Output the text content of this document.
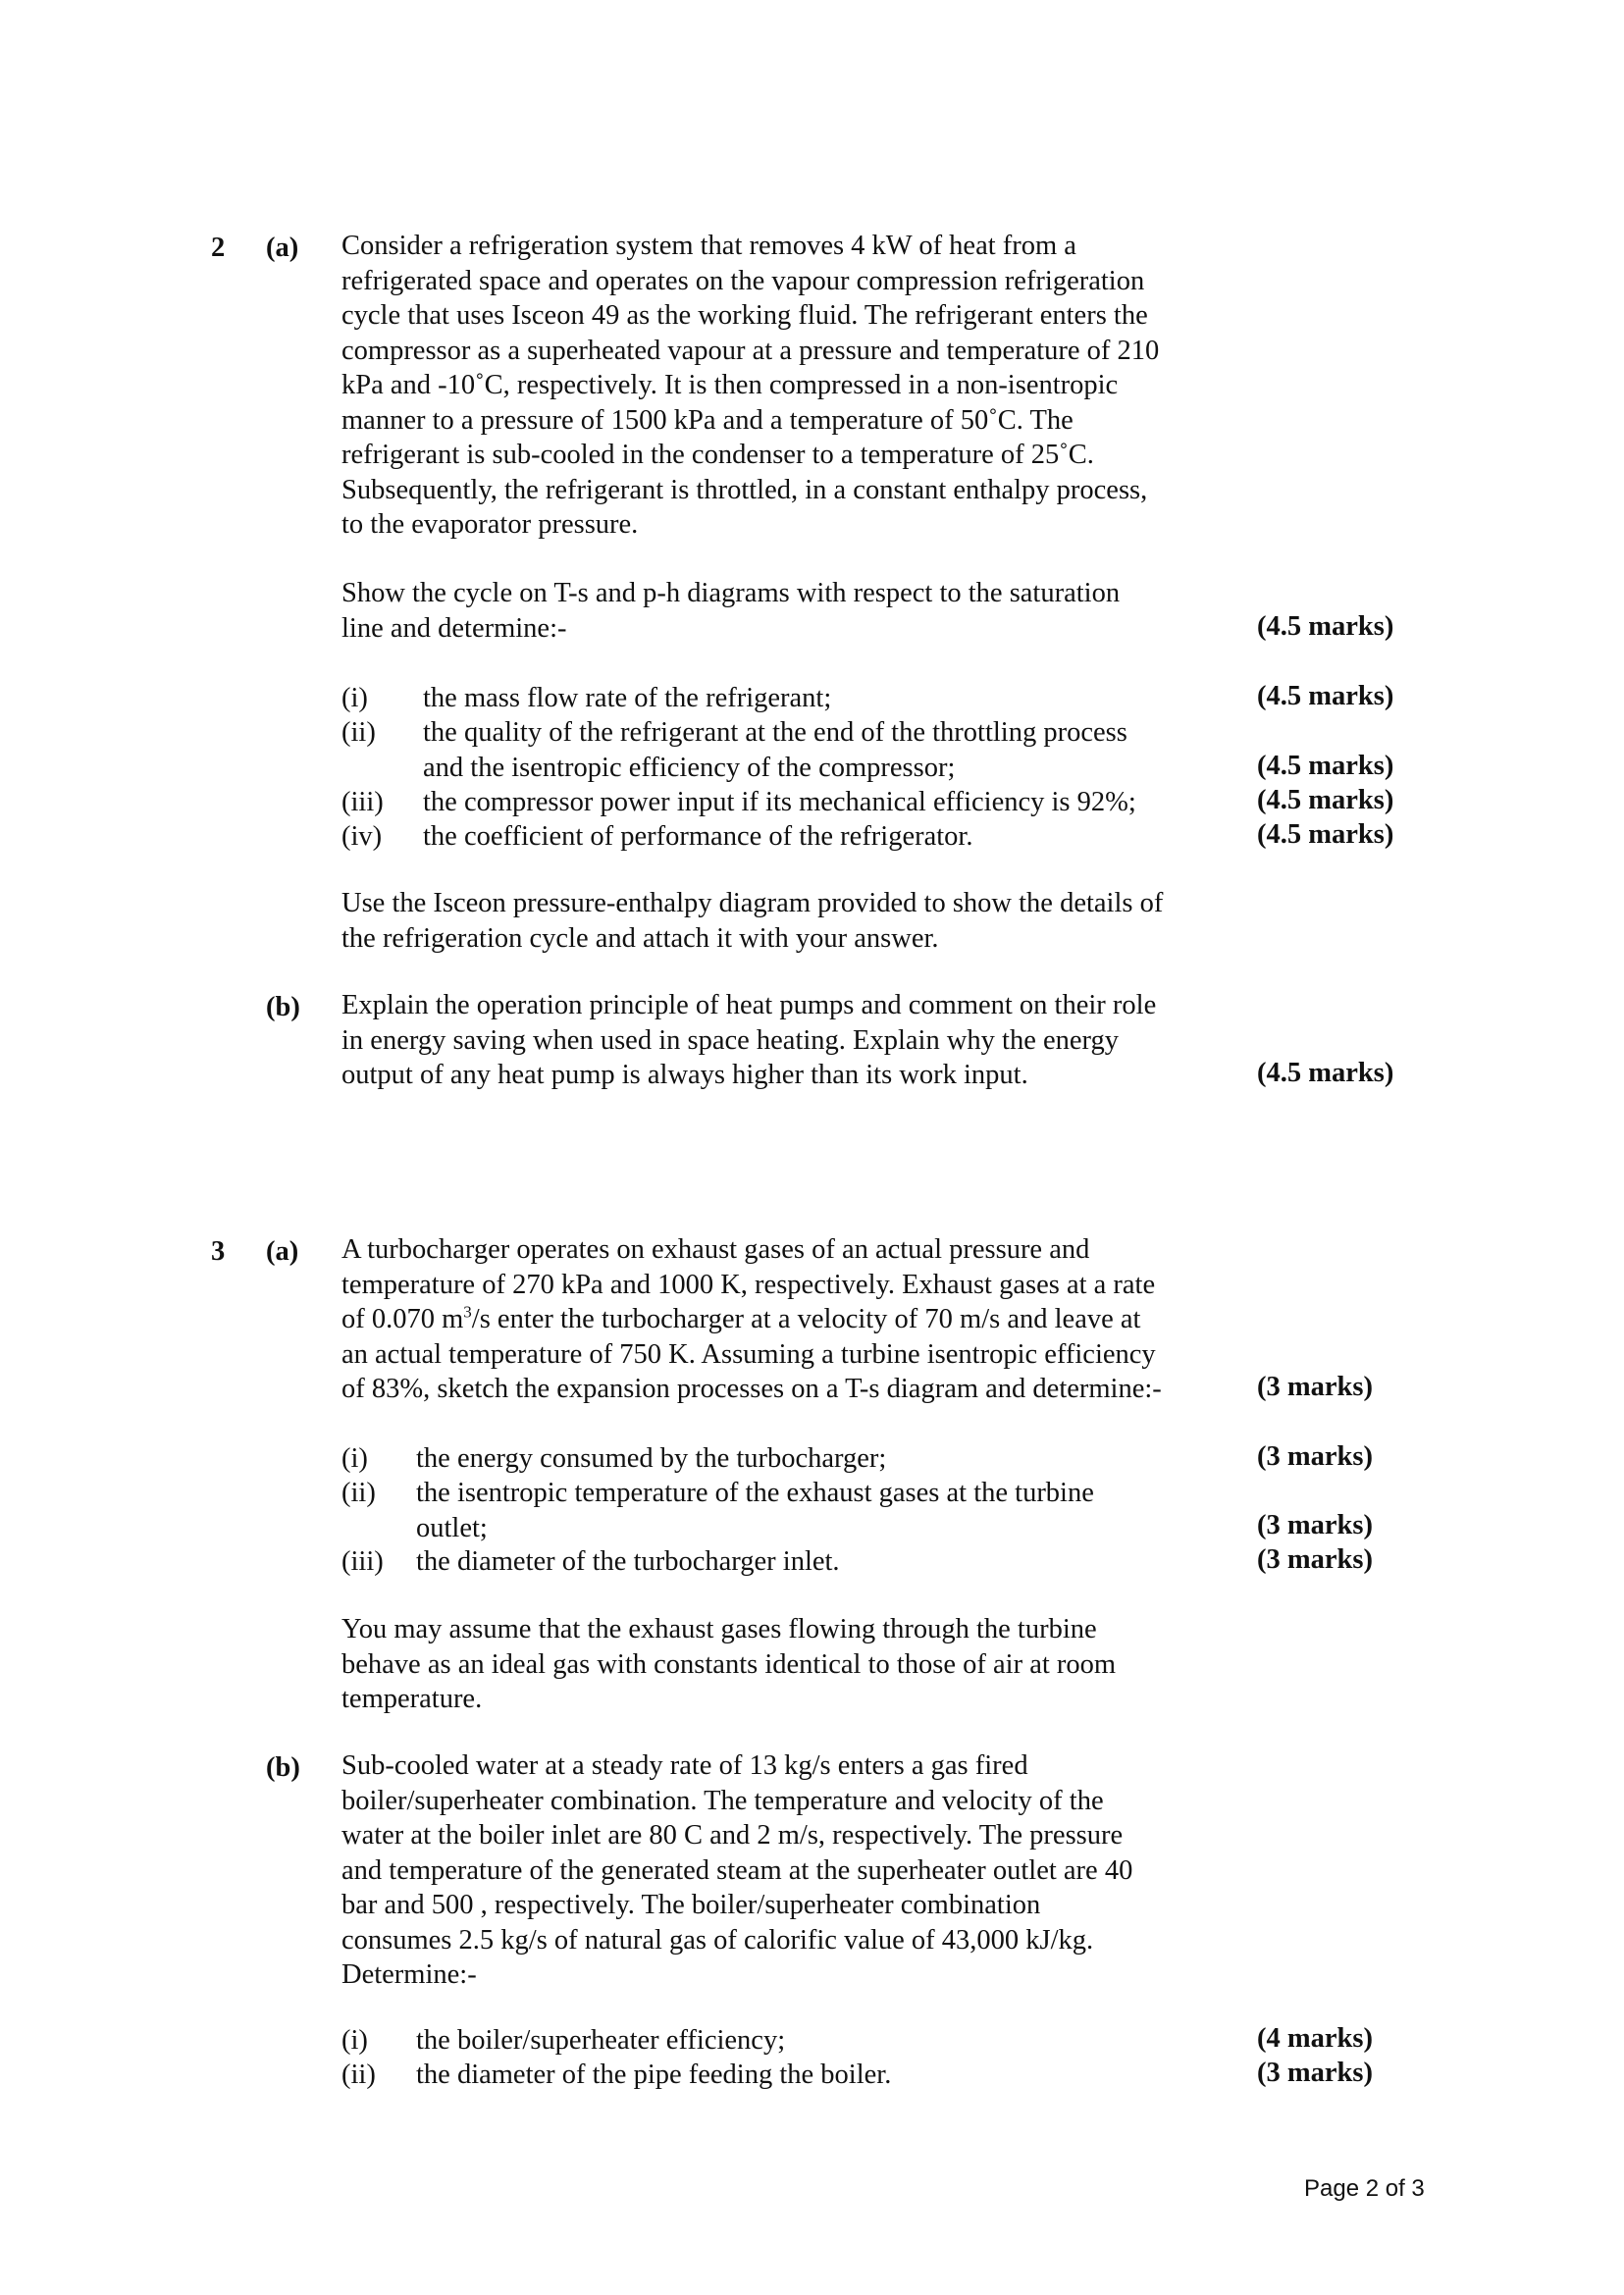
2 (a) Consider a refrigeration system that removes 4 kW of heat from a
refrigerated space and operates on the vapour compression refrigeration
cycle that uses Isceon 49 as the working fluid. The refrigerant enters the
compressor as a superheated vapour at a pressure and temperature of 210
kPa and -10˚C, respectively. It is then compressed in a non-isentropic
manner to a pressure of 1500 kPa and a temperature of 50˚C. The
refrigerant is sub-cooled in the condenser to a temperature of 25˚C.
Subsequently, the refrigerant is throttled, in a constant enthalpy process,
to the evaporator pressure.
Show the cycle on T-s and p-h diagrams with respect to the saturation
line and determine:-	(4.5 marks)
(i) the mass flow rate of the refrigerant;	(4.5 marks)
(ii) the quality of the refrigerant at the end of the throttling process
and the isentropic efficiency of the compressor;	(4.5 marks)
(iii) the compressor power input if its mechanical efficiency is 92%;	(4.5 marks)
(iv) the coefficient of performance of the refrigerator.	(4.5 marks)
Use the Isceon pressure-enthalpy diagram provided to show the details of
the refrigeration cycle and attach it with your answer.
(b) Explain the operation principle of heat pumps and comment on their role
in energy saving when used in space heating. Explain why the energy
output of any heat pump is always higher than its work input.	(4.5 marks)
3 (a) A turbocharger operates on exhaust gases of an actual pressure and
temperature of 270 kPa and 1000 K, respectively. Exhaust gases at a rate
of 0.070 $m^3/s$ enter the turbocharger at a velocity of 70 m/s and leave at
an actual temperature of 750 K. Assuming a turbine isentropic efficiency
of 83%, sketch the expansion processes on a T-s diagram and determine:-	(3 marks)
(i) the energy consumed by the turbocharger;	(3 marks)
(ii) the isentropic temperature of the exhaust gases at the turbine
outlet;	(3 marks)
(iii) the diameter of the turbocharger inlet.	(3 marks)
You may assume that the exhaust gases flowing through the turbine
behave as an ideal gas with constants identical to those of air at room
temperature.
(b) Sub-cooled water at a steady rate of 13 kg/s enters a gas fired
boiler/superheater combination. The temperature and velocity of the
water at the boiler inlet are 80 C and 2 m/s, respectively. The pressure
and temperature of the generated steam at the superheater outlet are 40
bar and 500 , respectively. The boiler/superheater combination
consumes 2.5 kg/s of natural gas of calorific value of 43,000 kJ/kg.
Determine:-
(i) the boiler/superheater efficiency;	(4 marks)
(ii) the diameter of the pipe feeding the boiler.	(3 marks)
Page 2 of 3
